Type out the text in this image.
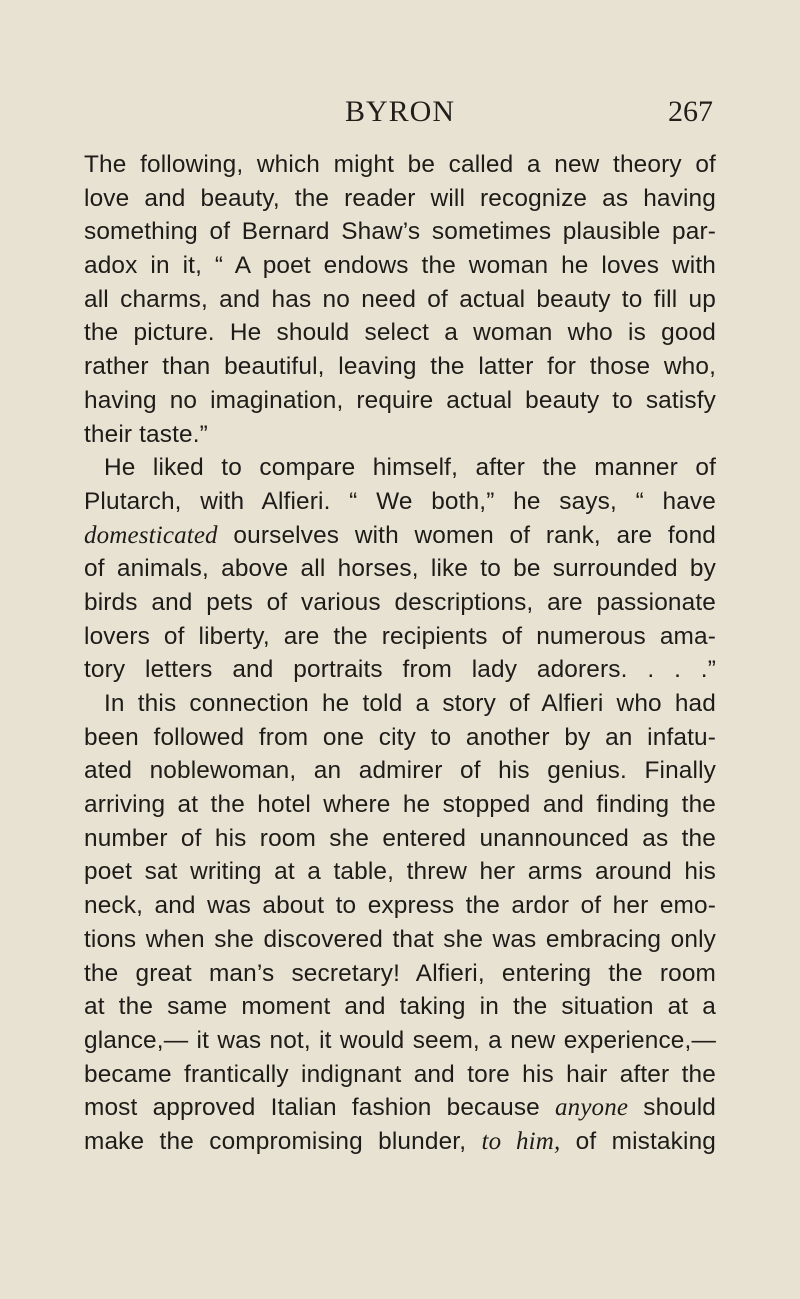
BYRON	267
The following, which might be called a new theory of
love and beauty, the reader will recognize as having
something of Bernard Shaw’s sometimes plausible par-
adox in it, “ A poet endows the woman he loves with
all charms, and has no need of actual beauty to fill up
the picture. He should select a woman who is good
rather than beautiful, leaving the latter for those who,
having no imagination, require actual beauty to satisfy
their taste.”
He liked to compare himself, after the manner of
Plutarch, with Alfieri. “ We both,” he says, “ have
domesticated ourselves with women of rank, are fond
of animals, above all horses, like to be surrounded by
birds and pets of various descriptions, are passionate
lovers of liberty, are the recipients of numerous ama-
tory letters and portraits from lady adorers. . . .”
In this connection he told a story of Alfieri who had
been followed from one city to another by an infatu-
ated noblewoman, an admirer of his genius. Finally
arriving at the hotel where he stopped and finding the
number of his room she entered unannounced as the
poet sat writing at a table, threw her arms around his
neck, and was about to express the ardor of her emo-
tions when she discovered that she was embracing only
the great man’s secretary! Alfieri, entering the room
at the same moment and taking in the situation at a
glance,— it was not, it would seem, a new experience,—
became frantically indignant and tore his hair after the
most approved Italian fashion because anyone should
make the compromising blunder, to him, of mistaking
